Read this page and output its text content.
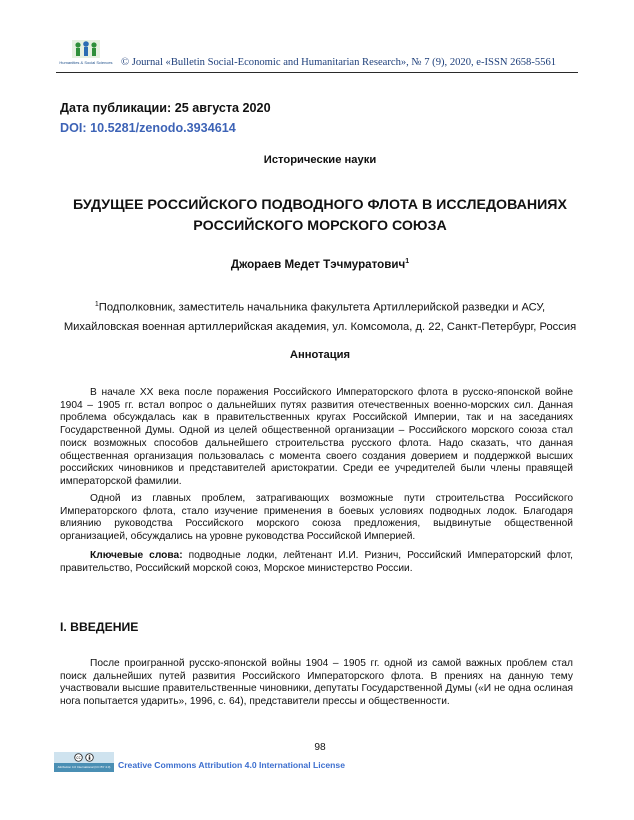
Humanities & Social Sciences © Journal «Bulletin Social-Economic and Humanitarian Research», № 7 (9), 2020, e-ISSN 2658-5561
Дата публикации: 25 августа 2020
DOI: 10.5281/zenodo.3934614
Исторические науки
БУДУЩЕЕ РОССИЙСКОГО ПОДВОДНОГО ФЛОТА В ИССЛЕДОВАНИЯХ РОССИЙСКОГО МОРСКОГО СОЮЗА
Джораев Медет Тэчмуратович$^1$
$^1$Подполковник, заместитель начальника факультета Артиллерийской разведки и АСУ,
Михайловская военная артиллерийская академия, ул. Комсомола, д. 22, Санкт-Петербург, Россия
Аннотация
В начале XX века после поражения Российского Императорского флота в русско-японской войне 1904 – 1905 гг. встал вопрос о дальнейших путях развития отечественных военно-морских сил. Данная проблема обсуждалась как в правительственных кругах Российской Империи, так и на заседаниях Государственной Думы. Одной из целей общественной организации – Российского морского союза стал поиск возможных способов дальнейшего строительства русского флота. Надо сказать, что данная общественная организация пользовалась с момента своего создания доверием и поддержкой высших российских чиновников и представителей аристократии. Среди ее учредителей были члены правящей императорской фамилии.
Одной из главных проблем, затрагивающих возможные пути строительства Российского Императорского флота, стало изучение применения в боевых условиях подводных лодок. Благодаря влиянию руководства Российского морского союза предложения, выдвинутые общественной организацией, обсуждались на уровне руководства Российской Империей.
Ключевые слова: подводные лодки, лейтенант И.И. Ризнич, Российский Императорский флот, правительство, Российский морской союз, Морское министерство России.
I. ВВЕДЕНИЕ
После проигранной русско-японской войны 1904 – 1905 гг. одной из самой важных проблем стал поиск дальнейших путей развития Российского Императорского флота. В прениях на данную тему участвовали высшие правительственные чиновники, депутаты Государственной Думы («И не одна ослиная нога попытается ударить», 1996, с. 64), представители прессы и общественности.
98
cc
Attribution 4.0 International (CC BY 4.0) Creative Commons Attribution 4.0 International License
